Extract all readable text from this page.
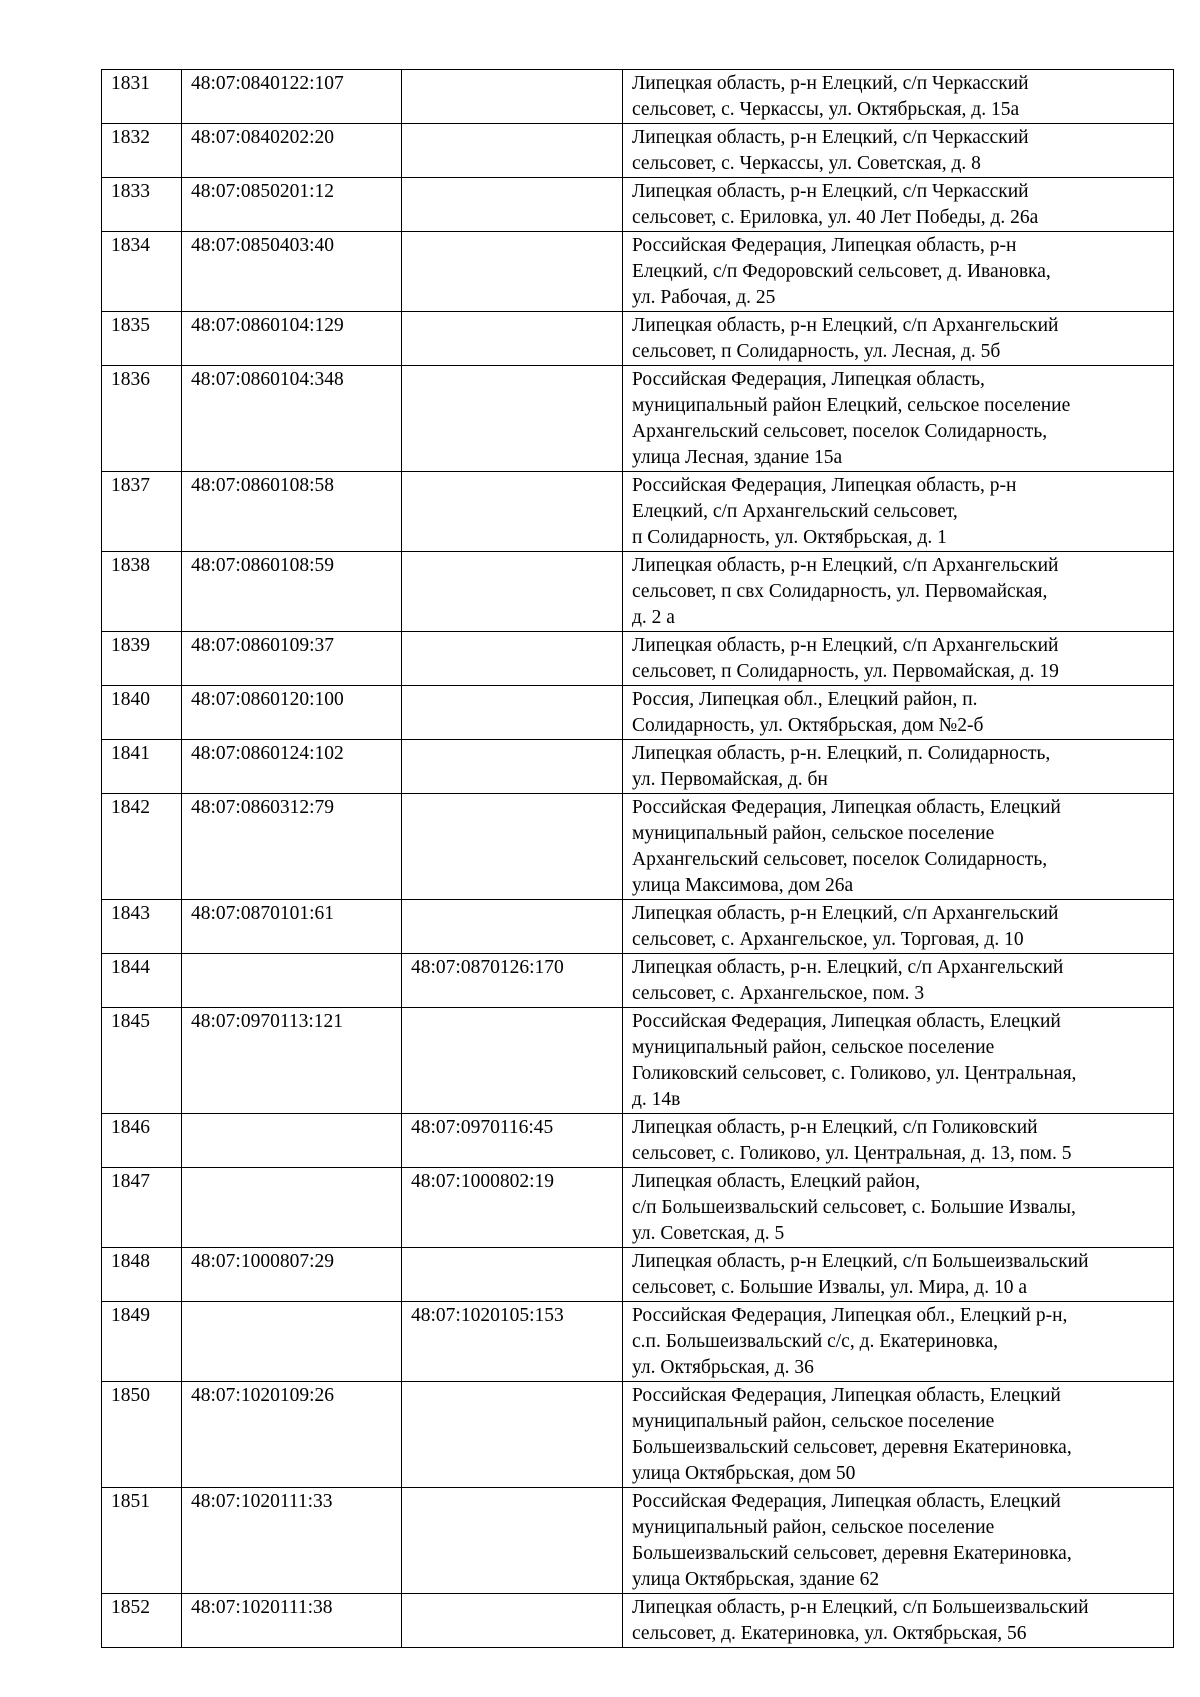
1831	48:07:0840122:107		Липецкая область, р-н Елецкий, с/п Черкасский
сельсовет, с. Черкассы, ул. Октябрьская, д. 15а

1832	48:07:0840202:20		Липецкая область, р-н Елецкий, с/п Черкасский
сельсовет, с. Черкассы, ул. Советская, д. 8

1833	48:07:0850201:12		Липецкая область, р-н Елецкий, с/п Черкасский
сельсовет, с. Ериловка, ул. 40 Лет Победы, д. 26а

1834	48:07:0850403:40		Российская Федерация, Липецкая область, р-н
Елецкий, с/п Федоровский сельсовет, д. Ивановка,
ул. Рабочая, д. 25

1835	48:07:0860104:129		Липецкая область, р-н Елецкий, с/п Архангельский
сельсовет, п Солидарность, ул. Лесная, д. 5б

1836	48:07:0860104:348		Российская Федерация, Липецкая область,
муниципальный район Елецкий, сельское поселение
Архангельский сельсовет, поселок Солидарность,
улица Лесная, здание 15а

1837	48:07:0860108:58		Российская Федерация, Липецкая область, р-н
Елецкий, с/п Архангельский сельсовет,
п Солидарность, ул. Октябрьская, д. 1

1838	48:07:0860108:59		Липецкая область, р-н Елецкий, с/п Архангельский
сельсовет, п свх Солидарность, ул. Первомайская,
д. 2 а

1839	48:07:0860109:37		Липецкая область, р-н Елецкий, с/п Архангельский
сельсовет, п Солидарность, ул. Первомайская, д. 19

1840	48:07:0860120:100		Россия, Липецкая обл., Елецкий район, п.
Солидарность, ул. Октябрьская, дом №2-б

1841	48:07:0860124:102		Липецкая область, р-н. Елецкий, п. Солидарность,
ул. Первомайская, д. бн

1842	48:07:0860312:79		Российская Федерация, Липецкая область, Елецкий
муниципальный район, сельское поселение
Архангельский сельсовет, поселок Солидарность,
улица Максимова, дом 26а

1843	48:07:0870101:61		Липецкая область, р-н Елецкий, с/п Архангельский
сельсовет, с. Архангельское, ул. Торговая, д. 10

1844		48:07:0870126:170	Липецкая область, р-н. Елецкий, с/п Архангельский
сельсовет, с. Архангельское, пом. 3

1845	48:07:0970113:121		Российская Федерация, Липецкая область, Елецкий
муниципальный район, сельское поселение
Голиковский сельсовет, с. Голиково, ул. Центральная,
д. 14в

1846		48:07:0970116:45	Липецкая область, р-н Елецкий, с/п Голиковский
сельсовет, с. Голиково, ул. Центральная, д. 13, пом. 5

1847		48:07:1000802:19	Липецкая область, Елецкий район,
с/п Большеизвальский сельсовет, с. Большие Извалы,
ул. Советская, д. 5

1848	48:07:1000807:29		Липецкая область, р-н Елецкий, с/п Большеизвальский
сельсовет, с. Большие Извалы, ул. Мира, д. 10 а

1849		48:07:1020105:153	Российская Федерация, Липецкая обл., Елецкий р-н,
с.п. Большеизвальский с/с, д. Екатериновка,
ул. Октябрьская, д. 36

1850	48:07:1020109:26		Российская Федерация, Липецкая область, Елецкий
муниципальный район, сельское поселение
Большеизвальский сельсовет, деревня Екатериновка,
улица Октябрьская, дом 50

1851	48:07:1020111:33		Российская Федерация, Липецкая область, Елецкий
муниципальный район, сельское поселение
Большеизвальский сельсовет, деревня Екатериновка,
улица Октябрьская, здание 62

1852	48:07:1020111:38		Липецкая область, р-н Елецкий, с/п Большеизвальский
сельсовет, д. Екатериновка, ул. Октябрьская, 56
